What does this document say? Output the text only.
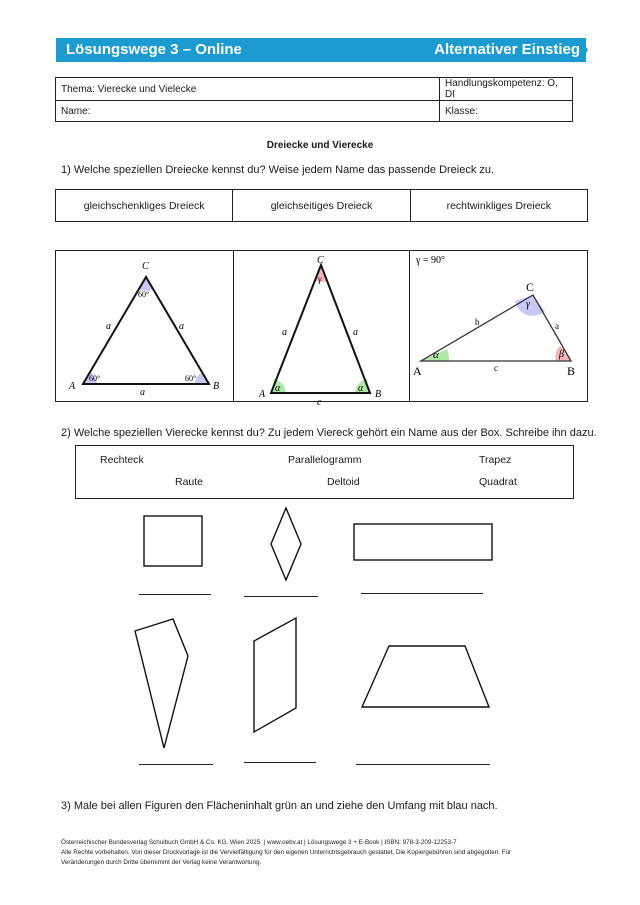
Lösungswege 3 – Online	Alternativer Einstieg
Thema: Vierecke und Vielecke	Handlungskompetenz: O, DI
Name:	Klasse:
Dreiecke und Vierecke
1) Welche speziellen Dreiecke kennst du? Weise jedem Name das passende Dreieck zu.
gleichschenkliges Dreieck	gleichseitiges Dreieck	rechtwinkliges Dreieck
C
A	B
a	a
a
60°
60°	60°
C
A	B
a	a
c
α	α
γ
γ = 90°
C
A	B
b	a
c
α	β
γ
2) Welche speziellen Vierecke kennst du? Zu jedem Viereck gehört ein Name aus der Box. Schreibe ihn dazu.
Rechteck	Parallelogramm	Trapez
Raute	Deltoid	Quadrat
3) Male bei allen Figuren den Flächeninhalt grün an und ziehe den Umfang mit blau nach.
Österreichischer Bundesverlag Schulbuch GmbH & Co. KG, Wien 2025. | www.oebv.at | Lösungswege 3 + E-Book | ISBN: 978-3-209-12253-7
Alle Rechte vorbehalten. Von dieser Druckvorlage ist die Vervielfältigung für den eigenen Unterrichtsgebrauch gestattet. Die Kopiergebühren sind abgegolten. Für
Veränderungen durch Dritte übernimmt der Verlag keine Verantwortung.
